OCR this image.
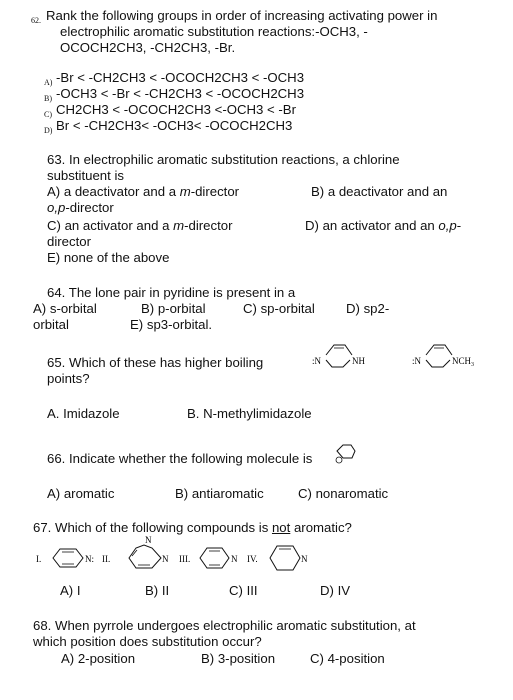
62. Rank the following groups in order of increasing activating power in
electrophilic aromatic substitution reactions:-OCH3, -
OCOCH2CH3, -CH2CH3, -Br.
A) -Br < -CH2CH3 < -OCOCH2CH3 < -OCH3
B) -OCH3 < -Br < -CH2CH3 < -OCOCH2CH3
C) CH2CH3 < -OCOCH2CH3 <-OCH3 < -Br
D) Br < -CH2CH3< -OCH3< -OCOCH2CH3
63. In electrophilic aromatic substitution reactions, a chlorine
substituent is
A) a deactivator and a m-director	B) a deactivator and an
o,p-director
C) an activator and a m-director	D) an activator and an o,p-
director
E) none of the above
64. The lone pair in pyridine is present in a
A) s-orbital	B) p-orbital	C) sp-orbital D) sp2-
orbital	E) sp3-orbital.
65. Which of these has higher boiling
points?
:N	NH	:N	$NCH_3$
A. Imidazole	B. N-methylimidazole
66. Indicate whether the following molecule is
A) aromatic	B) antiaromatic	C) nonaromatic
67. Which of the following compounds is not aromatic?
I.	N: II.
N
N III.	N IV.	N
A) I	B) II	C) III	D) IV
68. When pyrrole undergoes electrophilic aromatic substitution, at
which position does substitution occur?
A) 2-position	B) 3-position	C) 4-position
